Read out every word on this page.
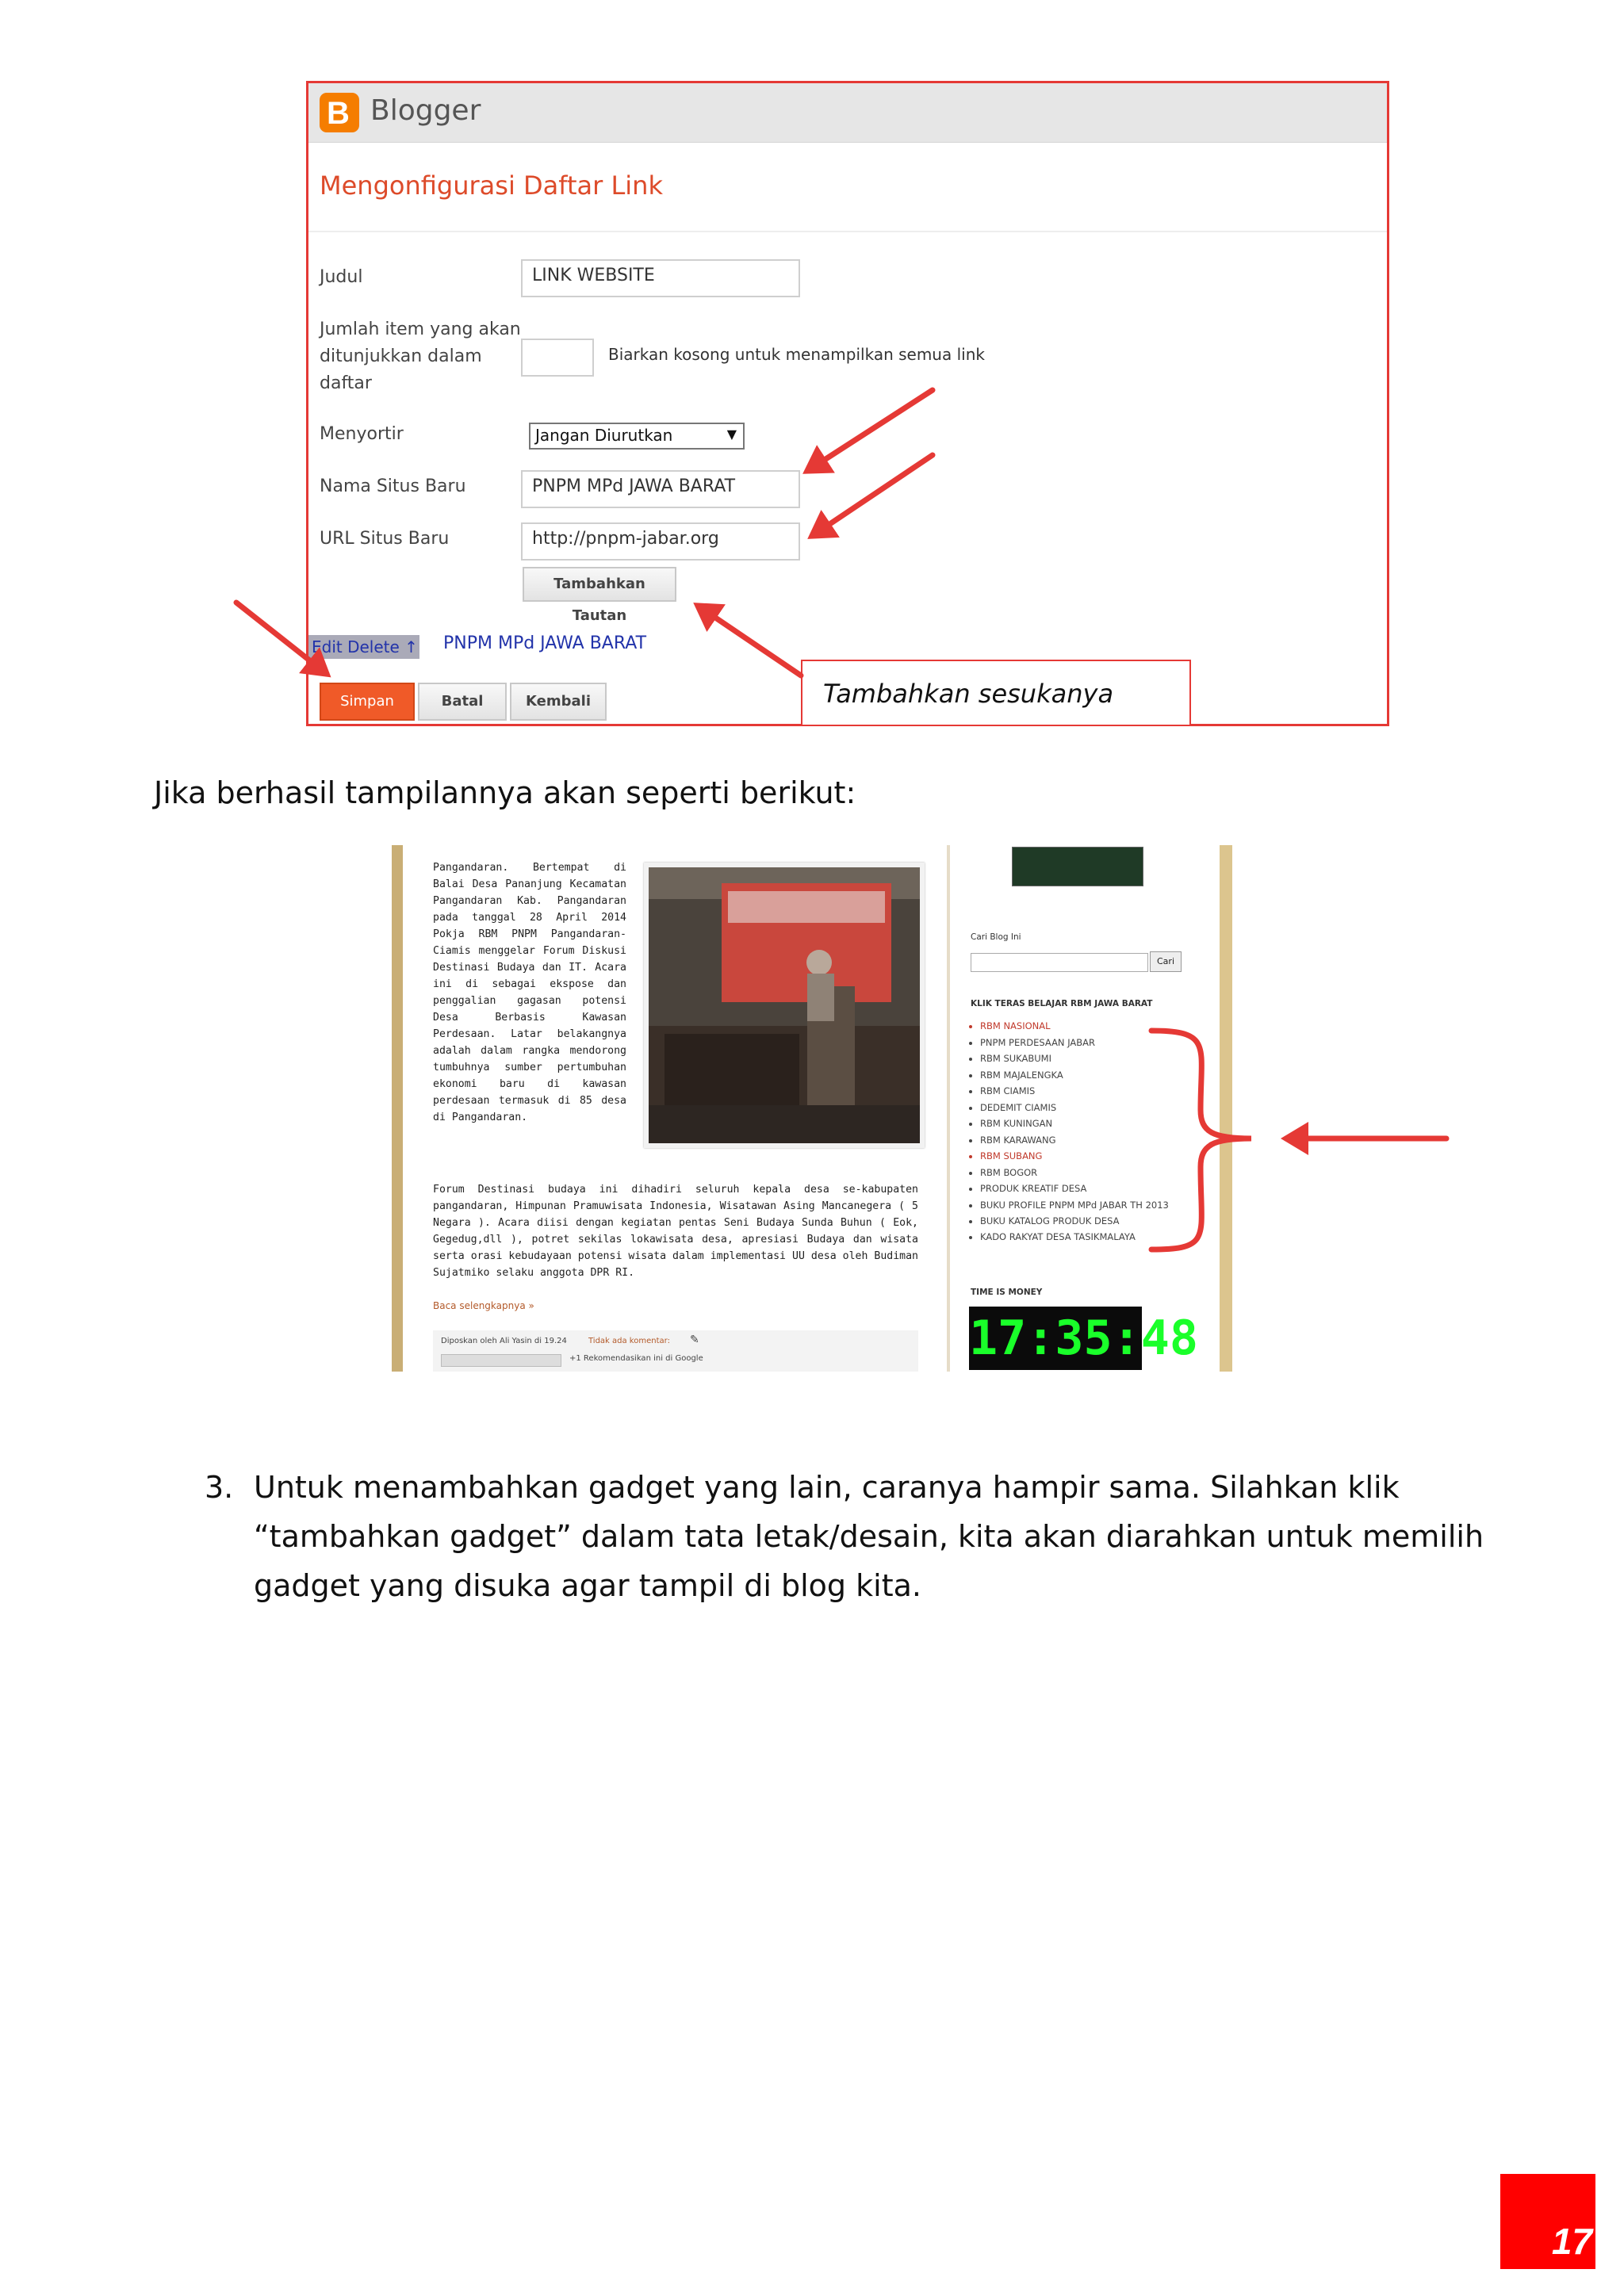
B Blogger
Mengonfigurasi Daftar Link
Judul	LINK WEBSITE
Jumlah item yang akan
ditunjukkan dalam
daftar
Biarkan kosong untuk menampilkan semua link
Menyortir	Jangan Diurutkan	▼
Nama Situs Baru	PNPM MPd JAWA BARAT
URL Situs Baru	http://pnpm-jabar.org
Tambahkan Tautan
Edit Delete ↑ PNPM MPd JAWA BARAT
Simpan	Batal	Kembali	Tambahkan sesukanya
Jika berhasil tampilannya akan seperti berikut:
Pangandaran. Bertempat di Balai Desa Pananjung Kecamatan Pangandaran Kab. Pangandaran pada tanggal 28 April 2014 Pokja RBM PNPM Pangandaran-Ciamis menggelar Forum Diskusi Destinasi Budaya dan IT. Acara ini di sebagai ekspose dan penggalian gagasan potensi Desa Berbasis Kawasan Perdesaan. Latar belakangnya adalah dalam rangka mendorong tumbuhnya sumber pertumbuhan ekonomi baru di kawasan perdesaan termasuk di 85 desa di Pangandaran.
Forum Destinasi budaya ini dihadiri seluruh kepala desa se-kabupaten pangandaran, Himpunan Pramuwisata Indonesia, Wisatawan Asing Mancanegera ( 5 Negara ). Acara diisi dengan kegiatan pentas Seni Budaya Sunda Buhun ( Eok, Gegedug,dll ), potret sekilas lokawisata desa, apresiasi Budaya dan wisata serta orasi kebudayaan potensi wisata dalam implementasi UU desa oleh Budiman Sujatmiko selaku anggota DPR RI.
Baca selengkapnya »
Diposkan oleh Ali Yasin di 19.24	Tidak ada komentar: ✎
+1 Rekomendasikan ini di Google
Cari Blog Ini
Cari
KLIK TERAS BELAJAR RBM JAWA BARAT
• RBM NASIONAL
• PNPM PERDESAAN JABAR
• RBM SUKABUMI
• RBM MAJALENGKA
• RBM CIAMIS
• DEDEMIT CIAMIS
• RBM KUNINGAN
• RBM KARAWANG
• RBM SUBANG
• RBM BOGOR
• PRODUK KREATIF DESA
• BUKU PROFILE PNPM MPd JABAR TH 2013
• BUKU KATALOG PRODUK DESA
• KADO RAKYAT DESA TASIKMALAYA
TIME IS MONEY
17:35:48
3. Untuk menambahkan gadget yang lain, caranya hampir sama. Silahkan klik
“tambahkan gadget” dalam tata letak/desain, kita akan diarahkan untuk memilih
gadget yang disuka agar tampil di blog kita.
17
